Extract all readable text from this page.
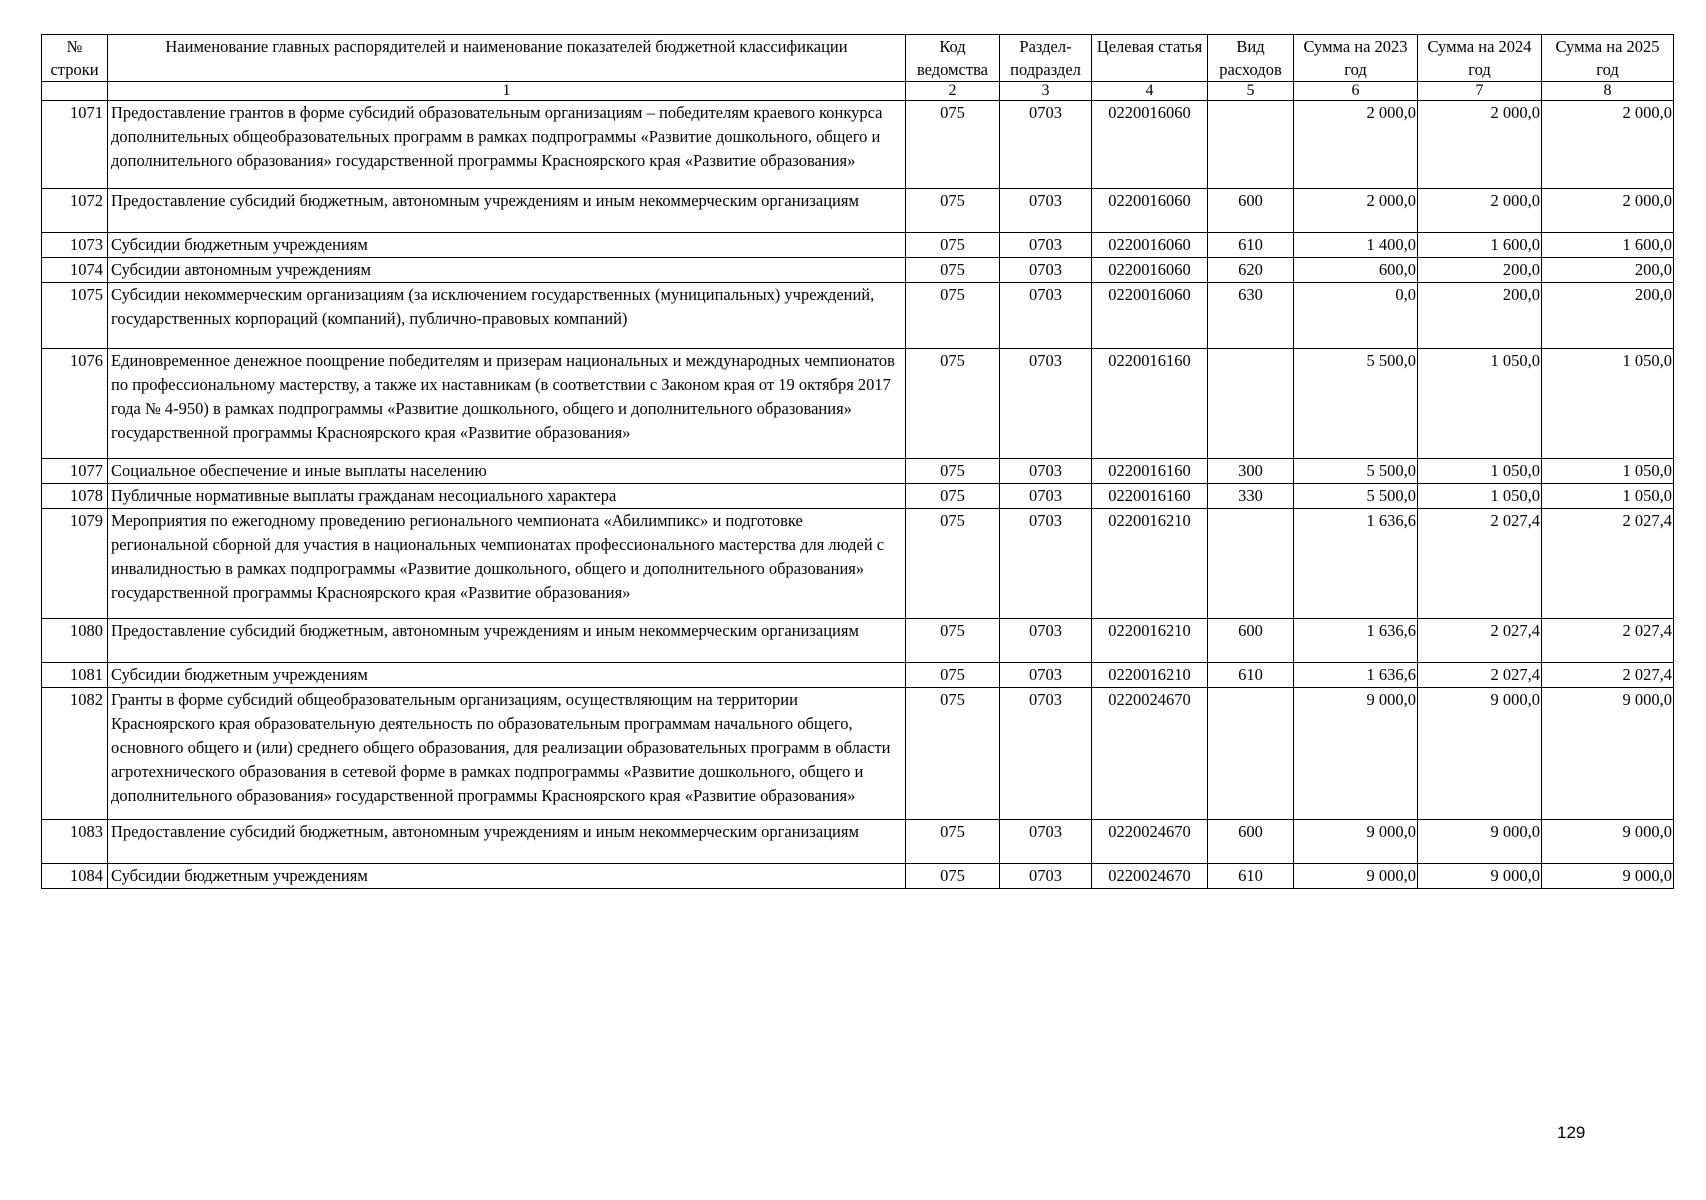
№ строки	Наименование главных распорядителей и наименование показателей бюджетной классификации	Код ведомства	Раздел-подраздел	Целевая статья	Вид расходов	Сумма на 2023 год	Сумма на 2024 год	Сумма на 2025 год
	1	2	3	4	5	6	7	8
1071	Предоставление грантов в форме субсидий образовательным организациям – победителям краевого конкурса дополнительных общеобразовательных программ в рамках подпрограммы «Развитие дошкольного, общего и дополнительного образования» государственной программы Красноярского края «Развитие образования»	075	0703	0220016060		2 000,0	2 000,0	2 000,0
1072	Предоставление субсидий бюджетным, автономным учреждениям и иным некоммерческим организациям	075	0703	0220016060	600	2 000,0	2 000,0	2 000,0
1073	Субсидии бюджетным учреждениям	075	0703	0220016060	610	1 400,0	1 600,0	1 600,0
1074	Субсидии автономным учреждениям	075	0703	0220016060	620	600,0	200,0	200,0
1075	Субсидии некоммерческим организациям (за исключением государственных (муниципальных) учреждений, государственных корпораций (компаний), публично-правовых компаний)	075	0703	0220016060	630	0,0	200,0	200,0
1076	Единовременное денежное поощрение победителям и призерам национальных и международных чемпионатов по профессиональному мастерству, а также их наставникам (в соответствии с Законом края от 19 октября 2017 года № 4-950) в рамках подпрограммы «Развитие дошкольного, общего и дополнительного образования» государственной программы Красноярского края «Развитие образования»	075	0703	0220016160		5 500,0	1 050,0	1 050,0
1077	Социальное обеспечение и иные выплаты населению	075	0703	0220016160	300	5 500,0	1 050,0	1 050,0
1078	Публичные нормативные выплаты гражданам несоциального характера	075	0703	0220016160	330	5 500,0	1 050,0	1 050,0
1079	Мероприятия по ежегодному проведению регионального чемпионата «Абилимпикс» и подготовке региональной сборной для участия в национальных чемпионатах профессионального мастерства для людей с инвалидностью в рамках подпрограммы «Развитие дошкольного, общего и дополнительного образования» государственной программы Красноярского края «Развитие образования»	075	0703	0220016210		1 636,6	2 027,4	2 027,4
1080	Предоставление субсидий бюджетным, автономным учреждениям и иным некоммерческим организациям	075	0703	0220016210	600	1 636,6	2 027,4	2 027,4
1081	Субсидии бюджетным учреждениям	075	0703	0220016210	610	1 636,6	2 027,4	2 027,4
1082	Гранты в форме субсидий общеобразовательным организациям, осуществляющим на территории Красноярского края образовательную деятельность по образовательным программам начального общего, основного общего и (или) среднего общего образования, для реализации образовательных программ в области агротехнического образования в сетевой форме в рамках подпрограммы «Развитие дошкольного, общего и дополнительного образования» государственной программы Красноярского края «Развитие образования»	075	0703	0220024670		9 000,0	9 000,0	9 000,0
1083	Предоставление субсидий бюджетным, автономным учреждениям и иным некоммерческим организациям	075	0703	0220024670	600	9 000,0	9 000,0	9 000,0
1084	Субсидии бюджетным учреждениям	075	0703	0220024670	610	9 000,0	9 000,0	9 000,0
129
